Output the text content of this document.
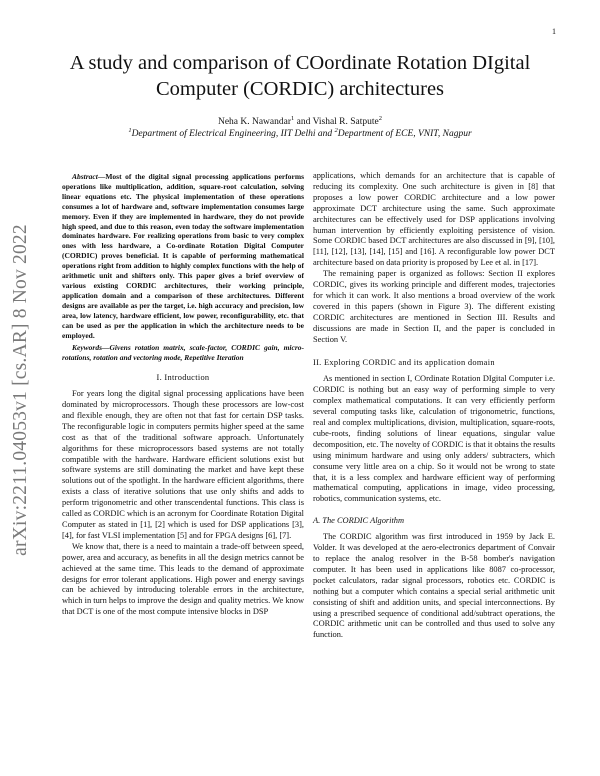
1
arXiv:2211.04053v1 [cs.AR] 8 Nov 2022
A study and comparison of COordinate Rotation DIgital Computer (CORDIC) architectures
Neha K. Nawandar$^1$ and Vishal R. Satpute$^2$
$^1$Department of Electrical Engineering, IIT Delhi and $^2$Department of ECE, VNIT, Nagpur

Abstract—Most of the digital signal processing applications performs operations like multiplication, addition, square-root calculation, solving linear equations etc. The physical implementation of these operations consumes a lot of hardware and, software implementation consumes large memory. Even if they are implemented in hardware, they do not provide high speed, and due to this reason, even today the software implementation dominates hardware. For realizing operations from basic to very complex ones with less hardware, a Co-ordinate Rotation Digital Computer (CORDIC) proves beneficial. It is capable of performing mathematical operations right from addition to highly complex functions with the help of arithmetic unit and shifters only. This paper gives a brief overview of various existing CORDIC architectures, their working principle, application domain and a comparison of these architectures. Different designs are available as per the target, i.e. high accuracy and precision, low area, low latency, hardware efficient, low power, reconfigurability, etc. that can be used as per the application in which the architecture needs to be employed.

Keywords—Givens rotation matrix, scale-factor, CORDIC gain, micro-rotations, rotation and vectoring mode, Repetitive Iteration

I. Introduction

For years long the digital signal processing applications have been dominated by microprocessors. Though these processors are low-cost and flexible enough, they are often not that fast for certain DSP tasks. The reconfigurable logic in computers permits higher speed at the same cost as that of the traditional software approach. Unfortunately algorithms for these microprocessors based systems are not totally compatible with the hardware. Hardware efficient solutions exist but software systems are still dominating the market and have kept these solutions out of the spotlight. In the hardware efficient algorithms, there exists a class of iterative solutions that use only shifts and adds to perform trigonometric and other transcendental functions. This class is called as CORDIC which is an acronym for Coordinate Rotation Digital Computer as stated in [1], [2] which is used for DSP applications [3], [4], for fast VLSI implementation [5] and for FPGA designs [6], [7].

We know that, there is a need to maintain a trade-off between speed, power, area and accuracy, as benefits in all the design metrics cannot be achieved at the same time. This leads to the demand of approximate designs for error tolerant applications. High power and energy savings can be achieved by introducing tolerable errors in the architecture, which in turn helps to improve the design and quality metrics. We know that DCT is one of the most compute intensive blocks in DSP

applications, which demands for an architecture that is capable of reducing its complexity. One such architecture is given in [8] that proposes a low power CORDIC architecture and a low power approximate DCT architecture using the same. Such approximate architectures can be effectively used for DSP applications involving human intervention by efficiently exploiting persistence of vision. Some CORDIC based DCT architectures are also discussed in [9], [10], [11], [12], [13], [14], [15] and [16]. A reconfigurable low power DCT architecture based on data priority is proposed by Lee et al. in [17].

The remaining paper is organized as follows: Section II explores CORDIC, gives its working principle and different modes, trajectories for which it can work. It also mentions a broad overview of the work covered in this papers (shown in Figure 3). The different existing CORDIC architectures are mentioned in Section III. Results and discussions are made in Section II, and the paper is concluded in Section V.

II. Exploring CORDIC and its application domain

As mentioned in section I, COrdinate Rotation DIgital Computer i.e. CORDIC is nothing but an easy way of performing simple to very complex mathematical computations. It can very efficiently perform several computing tasks like, calculation of trigonometric, functions, real and complex multiplications, division, multiplication, square-roots, cube-roots, finding solutions of linear equations, singular value decomposition, etc. The novelty of CORDIC is that it obtains the results using minimum hardware and using only adders/ subtracters, which consume very little area on a chip. So it would not be wrong to state that, it is a less complex and hardware efficient way of performing mathematical computing, applications in image, video processing, robotics, communication systems, etc.

A. The CORDIC Algorithm

The CORDIC algorithm was first introduced in 1959 by Jack E. Volder. It was developed at the aero-electronics department of Convair to replace the analog resolver in the B-58 bomber's navigation computer. It has been used in applications like 8087 co-processor, pocket calculators, radar signal processors, robotics etc. CORDIC is nothing but a computer which contains a special serial arithmetic unit consisting of shift and addition units, and special interconnections. By using a prescribed sequence of conditional add/subtract operations, the CORDIC arithmetic unit can be controlled and thus used to solve any function.
